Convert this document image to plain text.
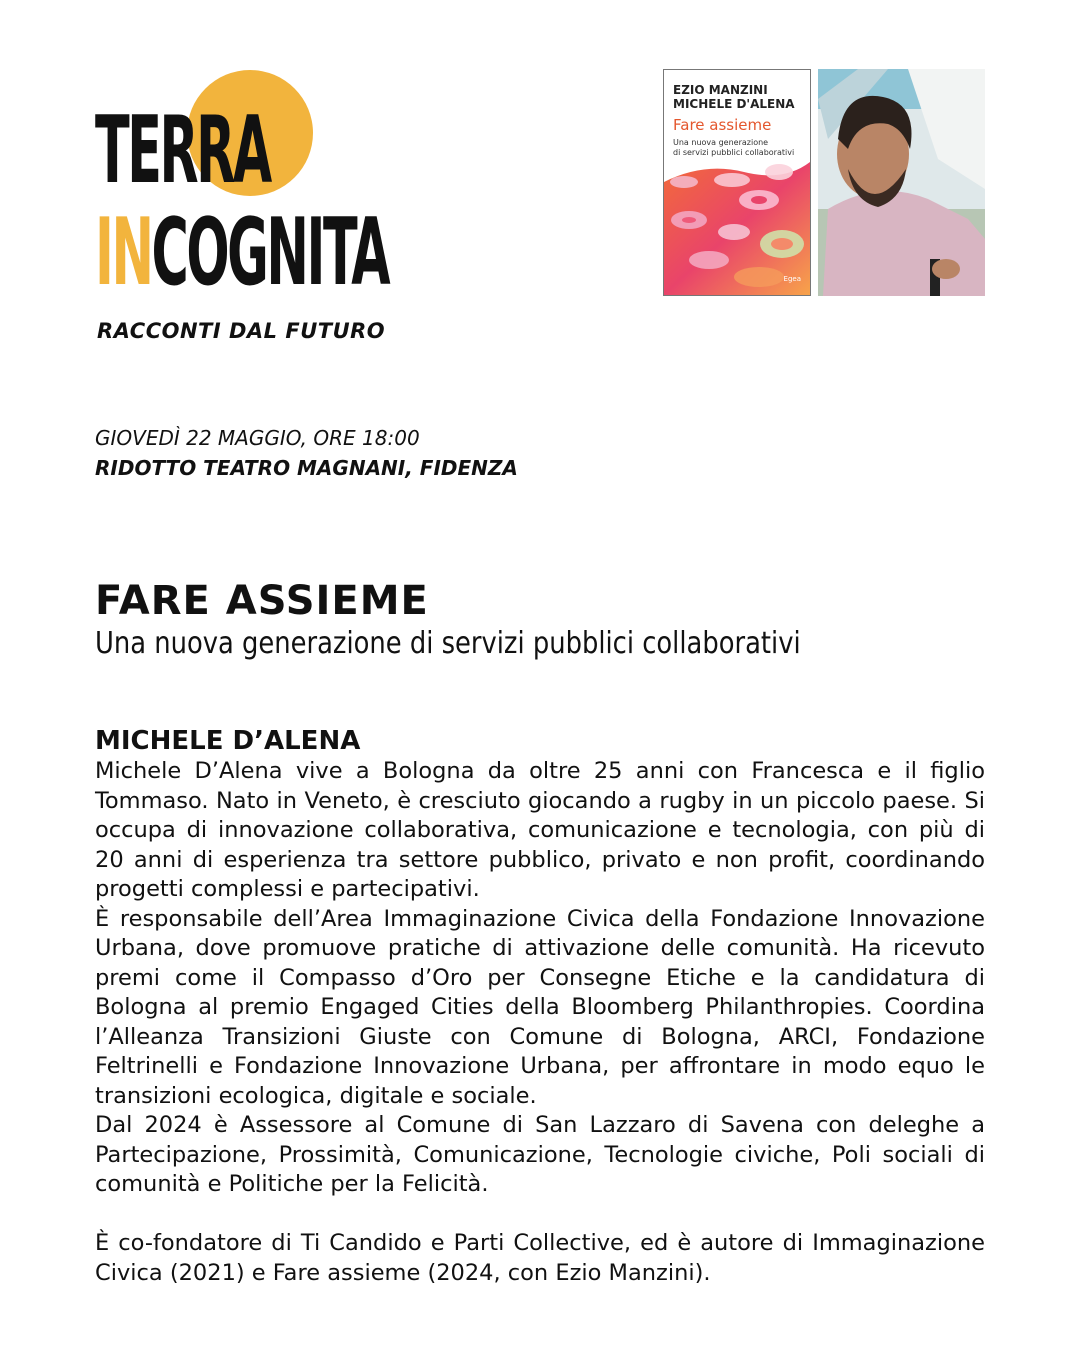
TERRA
INCOGNITA
RACCONTI DAL FUTURO
EZIO MANZINI
MICHELE D'ALENA
Fare assieme
Una nuova generazione
di servizi pubblici collaborativi
Egea
GIOVEDÌ 22 MAGGIO, ORE 18:00
RIDOTTO TEATRO MAGNANI, FIDENZA
FARE ASSIEME
Una nuova generazione di servizi pubblici collaborativi
MICHELE D’ALENA

Michele D’Alena vive a Bologna da oltre 25 anni con Francesca e il figlio Tommaso. Nato in Veneto, è cresciuto giocando a rugby in un piccolo paese. Si occupa di innovazione collaborativa, comunicazione e tecnologia, con più di 20 anni di esperienza tra settore pubblico, privato e non profit, coordinando progetti complessi e partecipativi.

È responsabile dell’Area Immaginazione Civica della Fondazione Innovazione Urbana, dove promuove pratiche di attivazione delle comunità. Ha ricevuto premi come il Compasso d’Oro per Consegne Etiche e la candidatura di Bologna al premio Engaged Cities della Bloomberg Philanthropies. Coordina l’Alleanza Transizioni Giuste con Comune di Bologna, ARCI, Fondazione Feltrinelli e Fondazione Innovazione Urbana, per affrontare in modo equo le transizioni ecologica, digitale e sociale.

Dal 2024 è Assessore al Comune di San Lazzaro di Savena con deleghe a Partecipazione, Prossimità, Comunicazione, Tecnologie civiche, Poli sociali di comunità e Politiche per la Felicità.

È co-fondatore di Ti Candido e Parti Collective, ed è autore di Immaginazione Civica (2021) e Fare assieme (2024, con Ezio Manzini).
